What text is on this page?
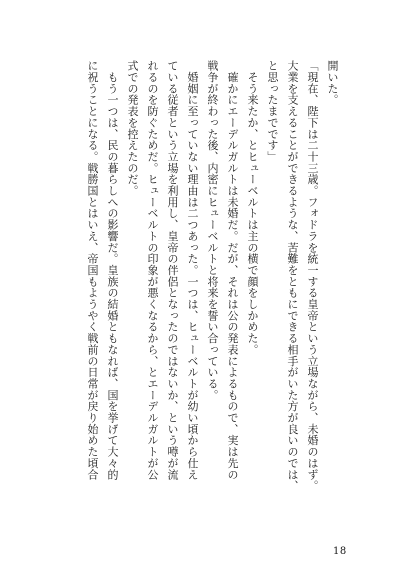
開いた。

「現在、陛下は二十三歳。フォドラを統一する皇帝という立場ながら、未婚のはず。

大業を支えることができるような、苦難をともにできる相手がいた方が良いのでは、

と思ったまでです」

　そう来たか、とヒューベルトは主の横で顔をしかめた。

　確かにエーデルガルトは未婚だ。だが、それは公の発表によるもので、実は先の

戦争が終わった後、内密にヒューベルトと将来を誓い合っている。

　婚姻に至っていない理由は二つあった。一つは、ヒューベルトが幼い頃から仕え

ている従者という立場を利用し、皇帝の伴侶となったのではないか、という噂が流

れるのを防ぐためだ。ヒューベルトの印象が悪くなるから、とエーデルガルトが公

式での発表を控えたのだ。

　もう一つは、民の暮らしへの影響だ。皇族の結婚ともなれば、国を挙げて大々的

に祝うことになる。戦勝国とはいえ、帝国もようやく戦前の日常が戻り始めた頃合

18
